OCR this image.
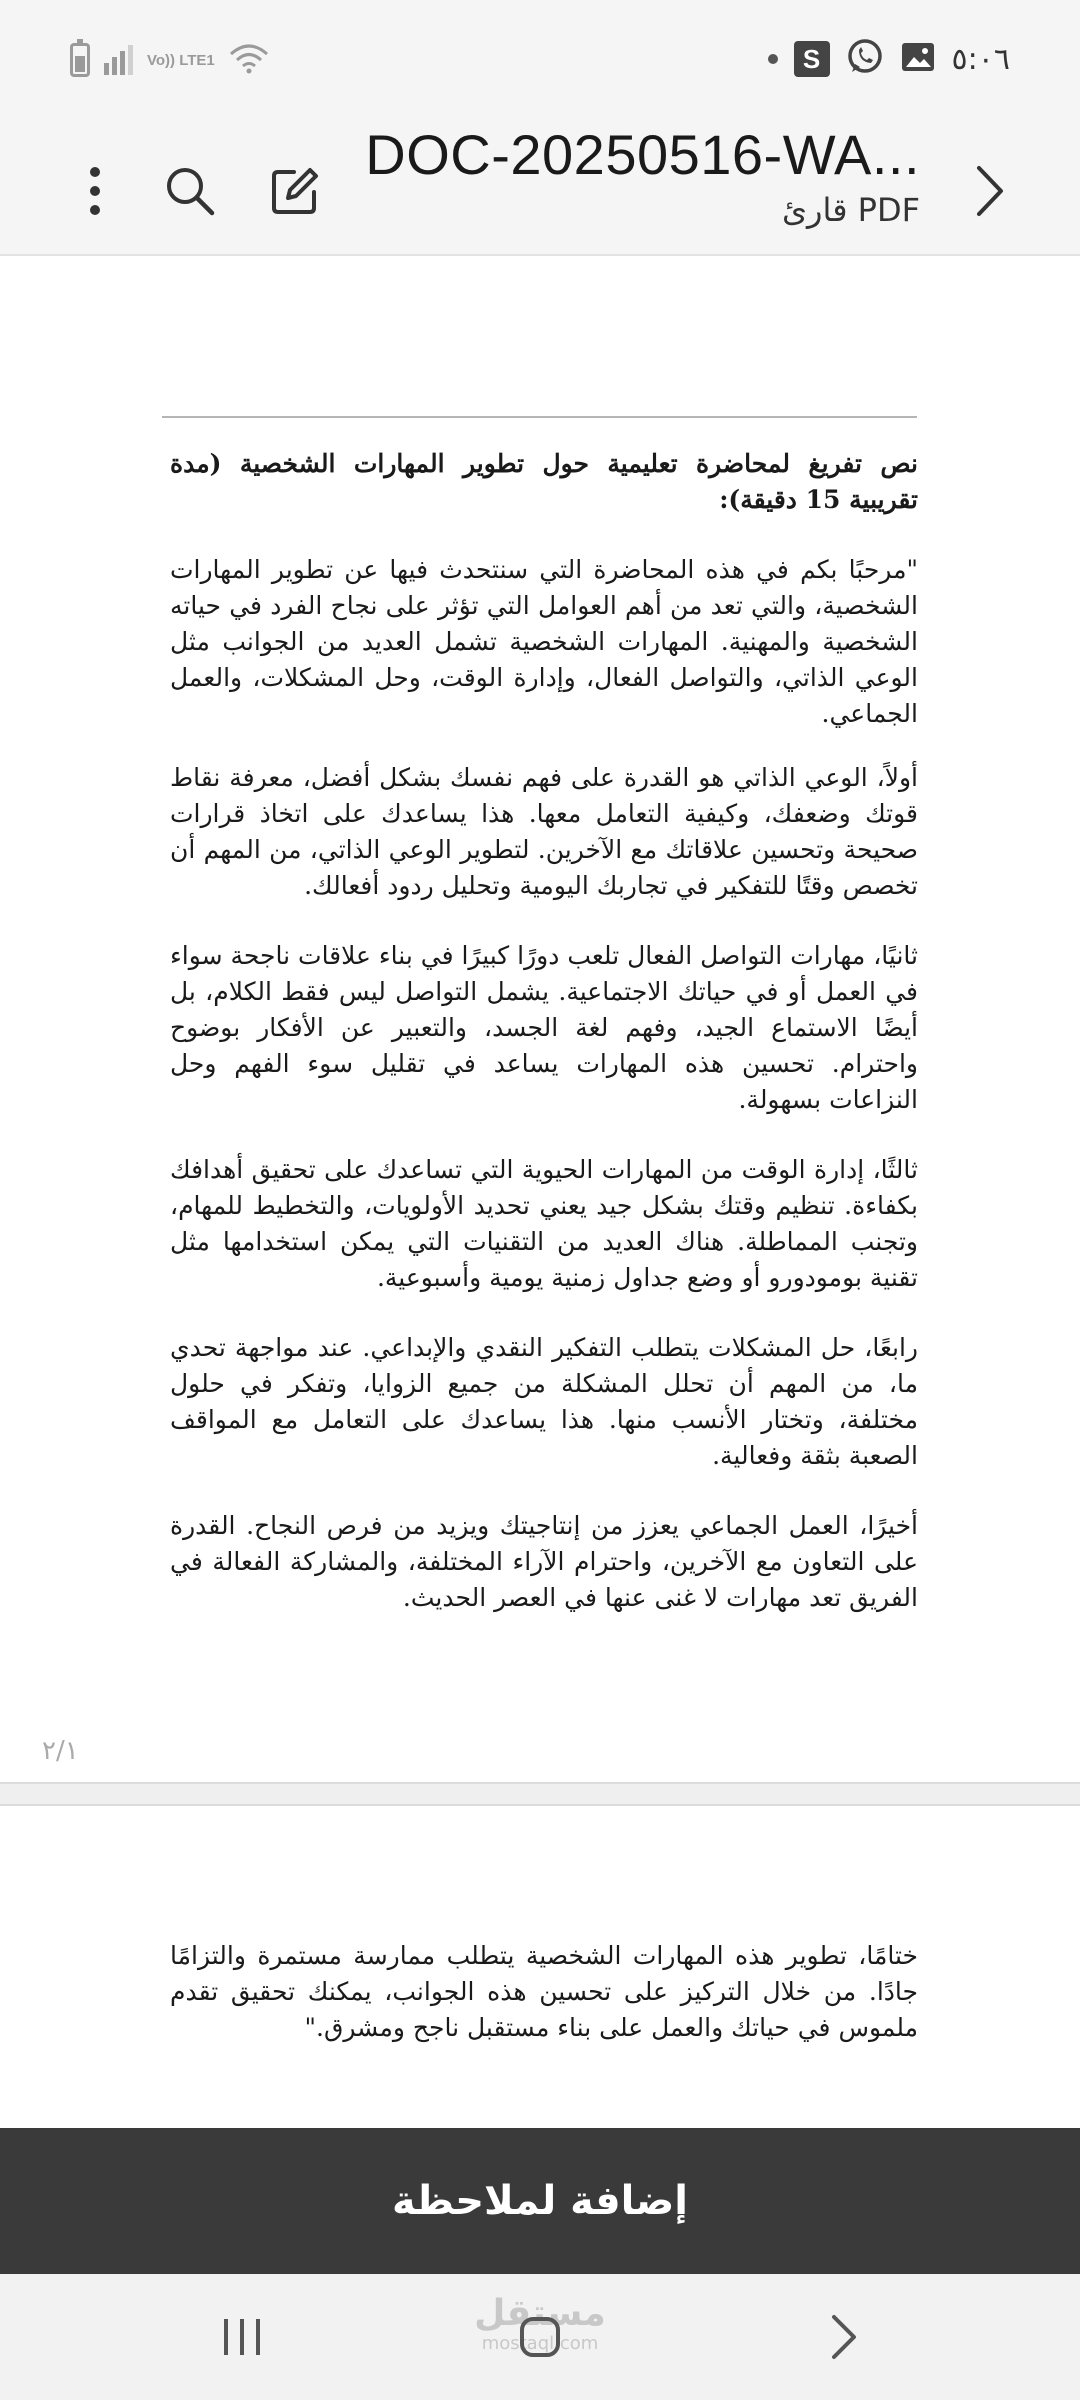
Vo)) LTE1	S	٥:٠٦
DOC-20250516-WA...
قارئ PDF
نص تفريغ لمحاضرة تعليمية حول تطوير المهارات الشخصية (مدة تقريبية 15 دقيقة):
"مرحبًا بكم في هذه المحاضرة التي سنتحدث فيها عن تطوير المهارات الشخصية، والتي تعد من أهم العوامل التي تؤثر على نجاح الفرد في حياته الشخصية والمهنية. المهارات الشخصية تشمل العديد من الجوانب مثل الوعي الذاتي، والتواصل الفعال، وإدارة الوقت، وحل المشكلات، والعمل الجماعي.
أولاً، الوعي الذاتي هو القدرة على فهم نفسك بشكل أفضل، معرفة نقاط قوتك وضعفك، وكيفية التعامل معها. هذا يساعدك على اتخاذ قرارات صحيحة وتحسين علاقاتك مع الآخرين. لتطوير الوعي الذاتي، من المهم أن تخصص وقتًا للتفكير في تجاربك اليومية وتحليل ردود أفعالك.
ثانيًا، مهارات التواصل الفعال تلعب دورًا كبيرًا في بناء علاقات ناجحة سواء في العمل أو في حياتك الاجتماعية. يشمل التواصل ليس فقط الكلام، بل أيضًا الاستماع الجيد، وفهم لغة الجسد، والتعبير عن الأفكار بوضوح واحترام. تحسين هذه المهارات يساعد في تقليل سوء الفهم وحل النزاعات بسهولة.
ثالثًا، إدارة الوقت من المهارات الحيوية التي تساعدك على تحقيق أهدافك بكفاءة. تنظيم وقتك بشكل جيد يعني تحديد الأولويات، والتخطيط للمهام، وتجنب المماطلة. هناك العديد من التقنيات التي يمكن استخدامها مثل تقنية بومودورو أو وضع جداول زمنية يومية وأسبوعية.
رابعًا، حل المشكلات يتطلب التفكير النقدي والإبداعي. عند مواجهة تحدي ما، من المهم أن تحلل المشكلة من جميع الزوايا، وتفكر في حلول مختلفة، وتختار الأنسب منها. هذا يساعدك على التعامل مع المواقف الصعبة بثقة وفعالية.
أخيرًا، العمل الجماعي يعزز من إنتاجيتك ويزيد من فرص النجاح. القدرة على التعاون مع الآخرين، واحترام الآراء المختلفة، والمشاركة الفعالة في الفريق تعد مهارات لا غنى عنها في العصر الحديث.
٢/١
ختامًا، تطوير هذه المهارات الشخصية يتطلب ممارسة مستمرة والتزامًا جادًا. من خلال التركيز على تحسين هذه الجوانب، يمكنك تحقيق تقدم ملموس في حياتك والعمل على بناء مستقبل ناجح ومشرق."
إضافة لملاحظة
مستقل
mostaql.com
